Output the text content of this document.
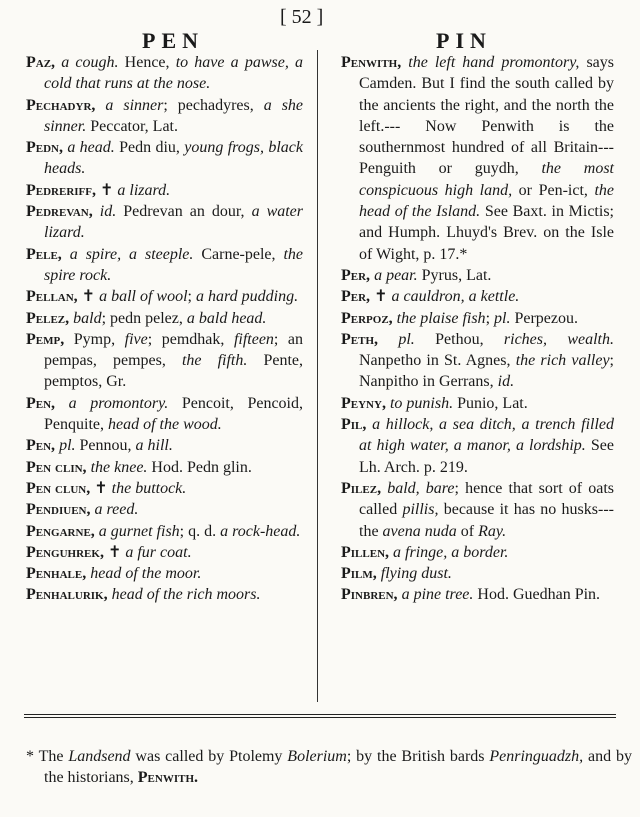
PEN
[ 52 ]
PIN

Paz, a cough. Hence, to have a pawse, a cold that runs at the nose.

Pechadyr, a sinner; pechadyres, a she sinner. Peccator, Lat.

Pedn, a head. Pedn diu, young frogs, black heads.

Pedreriff, ✝ a lizard.

Pedrevan, id. Pedrevan an dour, a water lizard.

Pele, a spire, a steeple. Carne-pele, the spire rock.

Pellan, ✝ a ball of wool; a hard pudding.

Pelez, bald; pedn pelez, a bald head.

Pemp, Pymp, five; pemdhak, fifteen; an pempas, pempes, the fifth. Pente, pemptos, Gr.

Pen, a promontory. Pencoit, Pencoid, Penquite, head of the wood.

Pen, pl. Pennou, a hill.

Pen clin, the knee. Hod. Pedn glin.

Pen clun, ✝ the buttock.

Pendiuen, a reed.

Pengarne, a gurnet fish; q. d. a rock-head.

Penguhrek, ✝ a fur coat.

Penhale, head of the moor.

Penhalurik, head of the rich moors.

Penwith, the left hand promontory, says Camden. But I find the south called by the ancients the right, and the north the left.--- Now Penwith is the southernmost hundred of all Britain---Penguith or guydh, the most conspicuous high land, or Pen-ict, the head of the Island. See Baxt. in Mictis; and Humph. Lhuyd's Brev. on the Isle of Wight, p. 17.*

Per, a pear. Pyrus, Lat.

Per, ✝ a cauldron, a kettle.

Perpoz, the plaise fish; pl. Perpezou.

Peth, pl. Pethou, riches, wealth. Nanpetho in St. Agnes, the rich valley; Nanpitho in Gerrans, id.

Peyny, to punish. Punio, Lat.

Pil, a hillock, a sea ditch, a trench filled at high water, a manor, a lordship. See Lh. Arch. p. 219.

Pilez, bald, bare; hence that sort of oats called pillis, because it has no husks---the avena nuda of Ray.

Pillen, a fringe, a border.

Pilm, flying dust.

Pinbren, a pine tree. Hod. Guedhan Pin.

* The Landsend was called by Ptolemy Bolerium; by the British bards Penringuadzh, and by the historians, Penwith.
